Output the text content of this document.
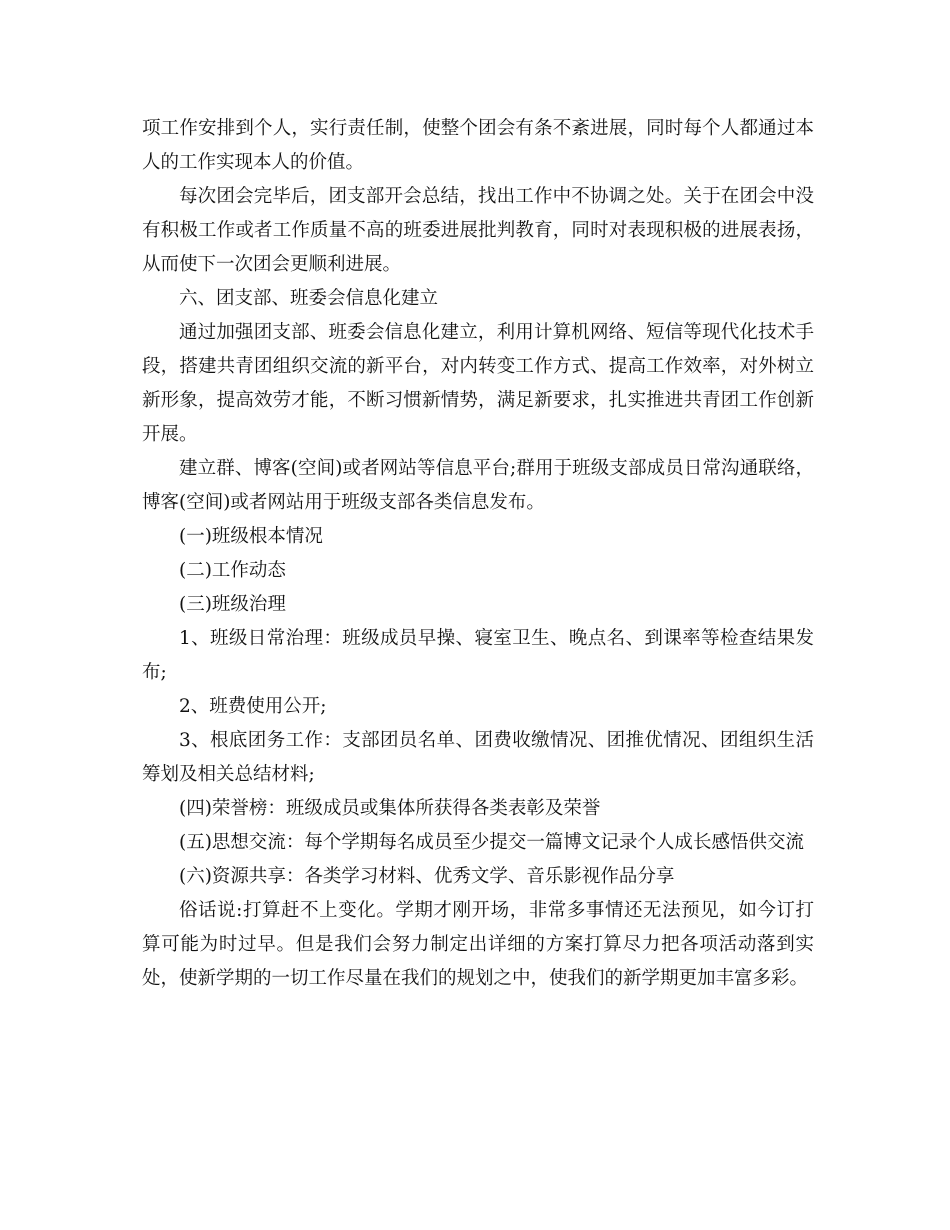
项工作安排到个人，实行责任制，使整个团会有条不紊进展，同时每个人都通过本人的工作实现本人的价值。

每次团会完毕后，团支部开会总结，找出工作中不协调之处。关于在团会中没有积极工作或者工作质量不高的班委进展批判教育，同时对表现积极的进展表扬，从而使下一次团会更顺利进展。

六、团支部、班委会信息化建立

通过加强团支部、班委会信息化建立，利用计算机网络、短信等现代化技术手段，搭建共青团组织交流的新平台，对内转变工作方式、提高工作效率，对外树立新形象，提高效劳才能，不断习惯新情势，满足新要求，扎实推进共青团工作创新开展。

建立群、博客(空间)或者网站等信息平台;群用于班级支部成员日常沟通联络，博客(空间)或者网站用于班级支部各类信息发布。

(一)班级根本情况

(二)工作动态

(三)班级治理

1、班级日常治理：班级成员早操、寝室卫生、晚点名、到课率等检查结果发布;

2、班费使用公开;

3、根底团务工作：支部团员名单、团费收缴情况、团推优情况、团组织生活筹划及相关总结材料;

(四)荣誉榜：班级成员或集体所获得各类表彰及荣誉

(五)思想交流：每个学期每名成员至少提交一篇博文记录个人成长感悟供交流

(六)资源共享：各类学习材料、优秀文学、音乐影视作品分享

俗话说:打算赶不上变化。学期才刚开场，非常多事情还无法预见，如今订打算可能为时过早。但是我们会努力制定出详细的方案打算尽力把各项活动落到实处，使新学期的一切工作尽量在我们的规划之中，使我们的新学期更加丰富多彩。
